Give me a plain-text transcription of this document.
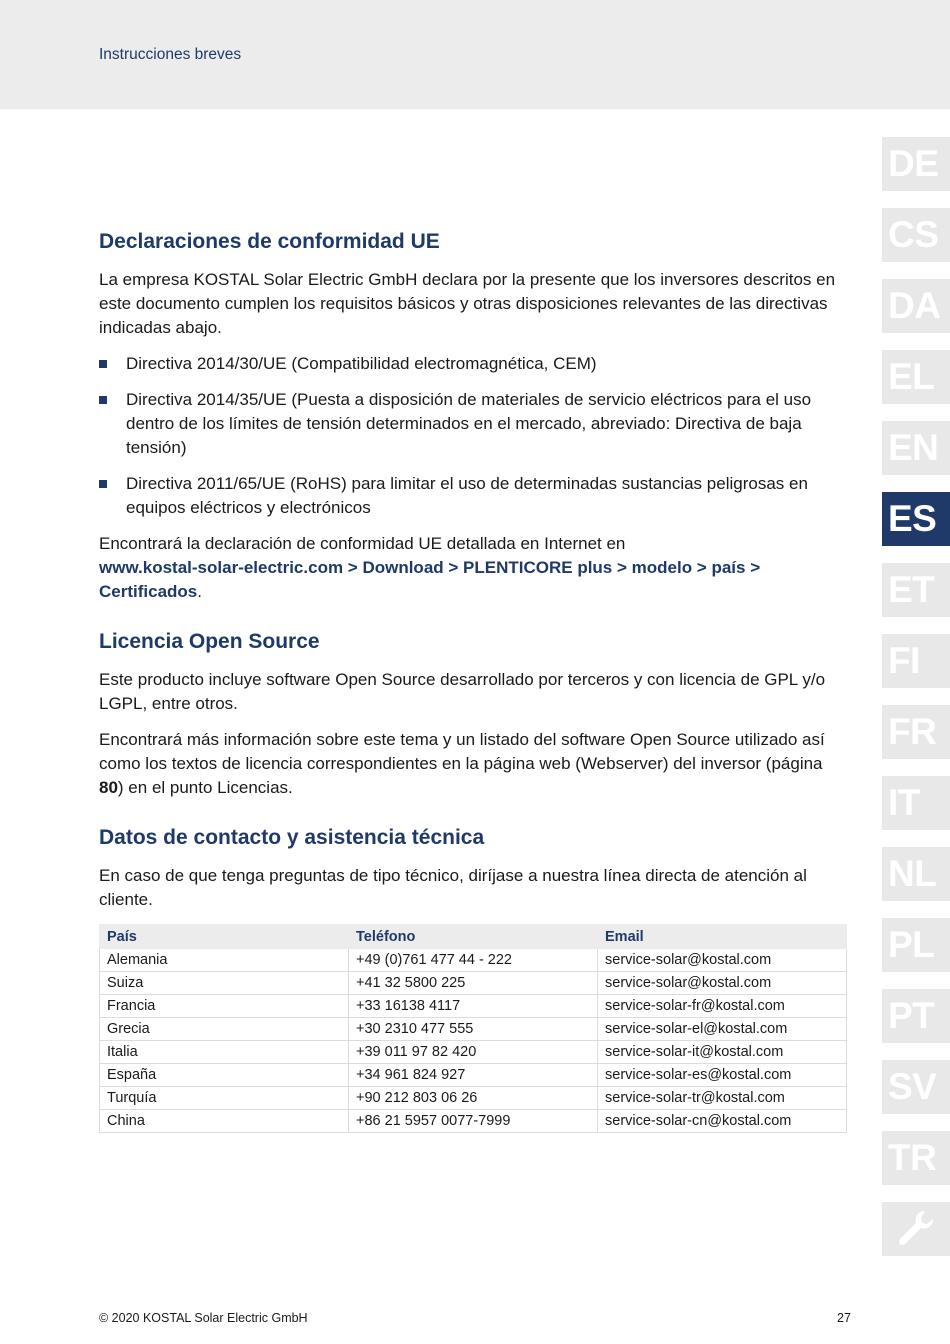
Instrucciones breves
DE
CS
DA
EL
EN
ES
ET
FI
FR
IT
NL
PL
PT
SV
TR
Declaraciones de conformidad UE

La empresa KOSTAL Solar Electric GmbH declara por la presente que los inversores descritos en este documento cumplen los requisitos básicos y otras disposiciones relevantes de las directivas indicadas abajo.

Directiva 2014/30/UE (Compatibilidad electromagnética, CEM)
Directiva 2014/35/UE (Puesta a disposición de materiales de servicio eléctricos para el uso dentro de los límites de tensión determinados en el mercado, abreviado: Directiva de baja tensión)
Directiva 2011/65/UE (RoHS) para limitar el uso de determinadas sustancias peligrosas en equipos eléctricos y electrónicos

Encontrará la declaración de conformidad UE detallada en Internet en
www.kostal-solar-electric.com > Download > PLENTICORE plus > modelo > país > Certificados.

Licencia Open Source

Este producto incluye software Open Source desarrollado por terceros y con licencia de GPL y/o LGPL, entre otros.

Encontrará más información sobre este tema y un listado del software Open Source utilizado así como los textos de licencia correspondientes en la página web (Webserver) del inversor (página 80) en el punto Licencias.

Datos de contacto y asistencia técnica

En caso de que tenga preguntas de tipo técnico, diríjase a nuestra línea directa de atención al cliente.

País	Teléfono	Email
Alemania	+49 (0)761 477 44 - 222	service-solar@kostal.com
Suiza	+41 32 5800 225	service-solar@kostal.com
Francia	+33 16138 4117	service-solar-fr@kostal.com
Grecia	+30 2310 477 555	service-solar-el@kostal.com
Italia	+39 011 97 82 420	service-solar-it@kostal.com
España	+34 961 824 927	service-solar-es@kostal.com
Turquía	+90 212 803 06 26	service-solar-tr@kostal.com
China	+86 21 5957 0077-7999	service-solar-cn@kostal.com
© 2020 KOSTAL Solar Electric GmbH	27
